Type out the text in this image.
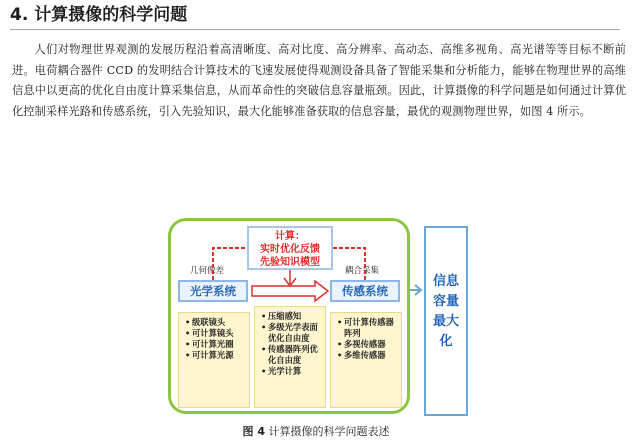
4. 计算摄像的科学问题

人们对物理世界观测的发展历程沿着高清晰度、高对比度、高分辨率、高动态、高维多视角、高光谱等等目标不断前进。电荷耦合器件 CCD 的发明结合计算技术的飞速发展使得观测设备具备了智能采集和分析能力，能够在物理世界的高维信息中以更高的优化自由度计算采集信息，从而革命性的突破信息容量瓶颈。因此，计算摄像的科学问题是如何通过计算优化控制采样光路和传感系统，引入先验知识，最大化能够准备获取的信息容量，最优的观测物理世界，如图 4 所示。

计算：
实时优化反馈
先验知识模型
几何像差	耦合采集
光学系统	传感系统
• 级联镜头
• 可计算镜头
• 可计算光圈
• 可计算光源
• 压缩感知
• 多级光学表面优化自由度
• 传感器阵列优化自由度
• 光学计算
• 可计算传感器阵列
• 多视传感器
• 多维传感器
信息
容量
最大
化
图 4 计算摄像的科学问题表述
